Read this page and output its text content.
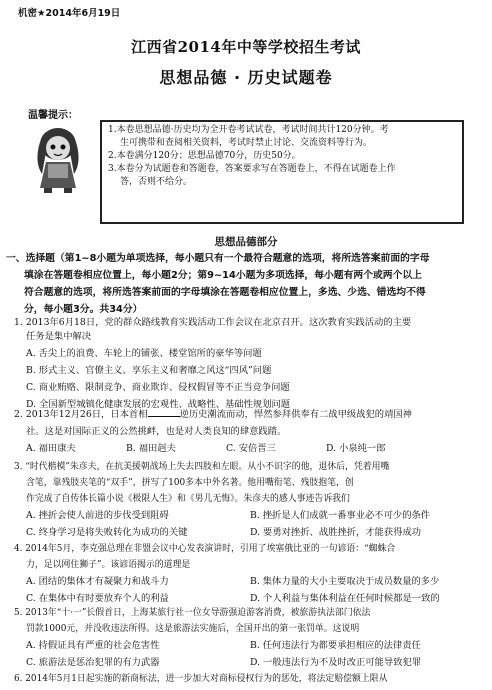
机密★2014年6月19日
江西省2014年中等学校招生考试
思想品德 · 历史试题卷
温馨提示：
1.本卷思想品德·历史均为全开卷考试试卷，考试时间共计120分钟。考
生可携带和查阅相关资料，考试时禁止讨论、交流资料等行为。
2.本卷满分120分；思想品德70分，历史50分。
3.本卷分为试题卷和答题卷，答案要求写在答题卷上，不得在试题卷上作
答，否则不给分。
思想品德部分
一、选择题（第1~8小题为单项选择，每小题只有一个最符合题意的选项，将所选答案前面的字母
填涂在答题卷相应位置上，每小题2分；第9~14小题为多项选择，每小题有两个或两个以上
符合题意的选项，将所选答案前面的字母填涂在答题卷相应位置上，多选、少选、错选均不得
分，每小题3分。共34分）
1. 2013年6月18日，党的群众路线教育实践活动工作会议在北京召开。这次教育实践活动的主要
任务是集中解决
A. 舌尖上的浪费、车轮上的铺张、楼堂馆所的豪华等问题
B. 形式主义、官僚主义、享乐主义和奢靡之风这“四风”问题
C. 商业贿赂、限制竞争、商业欺诈、侵权假冒等不正当竞争问题
D. 全国新型城镇化健康发展的宏观性、战略性、基础性规划问题
2. 2013年12月26日，日本首相	逆历史潮流而动，悍然参拜供奉有二战甲级战犯的靖国神
社。这是对国际正义的公然挑衅，也是对人类良知的肆意践踏。
A. 福田康夫	B. 福田赳夫	C. 安倍晋三	D. 小泉纯一郎
3. “时代楷模”朱彦夫，在抗美援朝战场上失去四肢和左眼。从小不识字的他，退休后，凭着用嘴
含笔，靠残肢夹笔的“双手”，拼写了100多本中外名著。他用嘴衔笔、残肢抱笔，创
作完成了自传体长篇小说《极限人生》和《男儿无悔》。朱彦夫的感人事迹告诉我们
A. 挫折会使人前进的步伐受到阻碍	B. 挫折是人们成就一番事业必不可少的条件
C. 终身学习是将失败转化为成功的关键	D. 要勇对挫折、战胜挫折，才能获得成功
4. 2014年5月，李克强总理在非盟会议中心发表演讲时，引用了埃塞俄比亚的一句谚语：“蜘蛛合
力，足以网住狮子”。该谚语揭示的道理是
A. 团结的集体才有凝聚力和战斗力	B. 集体力量的大小主要取决于成员数量的多少
C. 在集体中有时要放弃个人的利益	D. 个人利益与集体利益在任何时候都是一致的
5. 2013年“十·一”长假首日，上海某旅行社一位女导游强迫游客消费，被旅游执法部门依法
罚款1000元，并没收违法所得。这是旅游法实施后，全国开出的第一张罚单。这说明
A. 持假证具有严重的社会危害性	B. 任何违法行为都要承担相应的法律责任
C. 旅游法是惩治犯罪的有力武器	D. 一般违法行为不及时改正可能导致犯罪
6. 2014年5月1日起实施的新商标法，进一步加大对商标侵权行为的惩处，将法定赔偿额上限从
